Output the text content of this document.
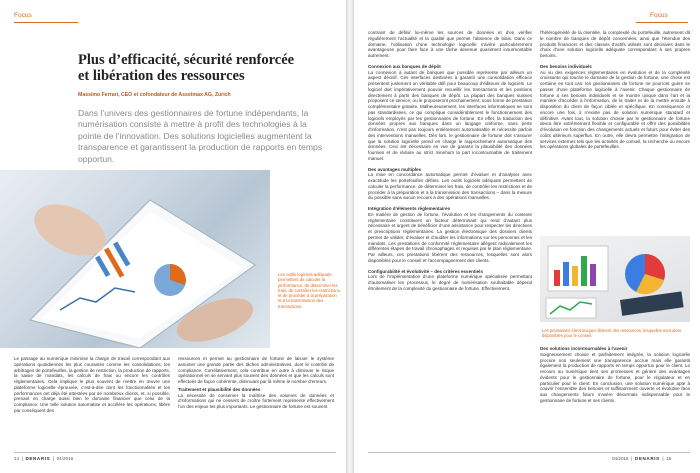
Focus
Plus d’efficacité, sécurité renforcée et libération des ressources
Massimo Ferrari, CEO et cofondateur de Assetmax AG, Zurich

Dans l’univers des gestionnaires de fortune indépendants, la numérisation consiste à mettre à profit des technologies à la pointe de l’innovation. Des solutions logicielles augmentent la transparence et garantissent la production de rapports en temps opportun.

Les outils logiciels adéquats permettent de calculer la performance, de déterminer les frais, de contrôler les restrictions et de procéder à la préparation et à la transmission des transactions.

Le passage au numérique minimise la charge de travail correspondant aux opérations quotidiennes les plus courantes comme les consolidations, les arbitrages de portefeuilles, la gestion de restriction, la production de rapports, la saisie de mandats, les calculs de frais ou encore les contrôles réglementaires. Cela implique le plus souvent de mettre en œuvre une plateforme logicielle éprouvée, c’est-à-dire dont les fonctionnalités et les performances ont déjà été attestées par de nombreux clients, et, si possible, prenant en charge aussi bien le domaine financier que celui de la compliance. Une telle solution automatise et accélère les opérations, libère par conséquent des

ressources et permet au gestionnaire de fortune de laisser le système assumer une grande partie des tâches administratives, dont le contrôle de compliance. Corrélativement, cela contribue en outre à diminuer le risque opérationnel en se servant plus souvent des données et que les calculs sont effectués de façon cohérente, diminuant par là même le nombre d’erreurs.
Traitement et plausibilité des données
La nécessité de conserver la maîtrise des volumes de données et d’informations qui ne cessent de croître fortement représente effectivement l’un des enjeux les plus importants. Le gestionnaire de fortune est souvent
14  |  DENARIS  |  04/2016
Focus
contraint de définir lui-même les sources de données et d’en vérifier régulièrement l’actualité et la qualité que permet l’absence de biais. Dans ce domaine, l’utilisation d’une technologie logicielle s’avère particulièrement avantageuse pour faire face à une tâche devenue quasiment insurmontable autrement.
Connexion aux banques de dépôt
La connexion à autant de banques que possible représente par ailleurs un aspect décisif. Ces interfaces destinées à garantir une consolidation efficace présentent justement un véritable défi pour beaucoup d’éditeurs de logiciels. Le logiciel doit impérativement pouvoir recueillir les transactions et les positions directement à partir des banques de dépôt. La plupart des banques suisses proposent ce service, ou le proposeront prochainement, sous forme de prestation complémentaire gratuite. Malheureusement, les interfaces informatiques ne sont pas standardisées, ce qui complique considérablement le fonctionnement des logiciels employés par les gestionnaires de fortune. En effet, la traduction des données propres aux banques dans un langage uniforme, sans perte d’information, n’est pas toujours entièrement automatisable et nécessite parfois des interventions manuelles. Dès lors, le gestionnaire de fortune doit s’assurer que la solution logicielle prend en charge le rapprochement automatique des données. Ceci est nécessaire en vue de garantir la plausibilité des données fournies et de réduire au strict minimum la part incontournable de traitement manuel.
Des avantages multiples
La mise en concordance automatique permet d’évaluer et d’analyser avec exactitude les portefeuilles définis. Les outils logiciels adéquats permettent de calculer la performance, de déterminer les frais, de contrôler les restrictions et de procéder à la préparation et à la transmission des transactions – dans la mesure du possible sans aucun recours à des opérations manuelles.
Intégration d’éléments réglementaires
En matière de gestion de fortune, l’évolution et les changements du contexte réglementaire constituent un facteur déterminant qui rend d’autant plus nécessaire et urgent de bénéficier d’une assistance pour respecter les directives et prescriptions réglementaires. La gestion électronique des dossiers clients permet de valider, d’évaluer et d’auditer les informations sur les personnes et les mandats. Les prestations de conformité réglementaire allègent radicalement les différentes étapes de travail chronophages et requises par le plan réglementaire. Par ailleurs, ces prestations libèrent des ressources, lesquelles sont alors disponibles pour le conseil et l’accompagnement des clients.
Configurabilité et évolutivité – des critères essentiels
Lors de l’implémentation d’une plateforme numérique spécialisée permettant d’automatiser les processus, le degré de numérisation souhaitable dépend étroitement de la complexité du gestionnaire de fortune. Effectivement,
l’hétérogénéité de la clientèle, la complexité du portefeuille, autrement dit le nombre de banques de dépôt concernées, ainsi que l’étendue des produits financiers et des classes d’actifs utilisés sont décisives dans le choix d’une solution logicielle adéquate correspondant à ses propres besoins.
Des besoins individuels
Au vu des exigences réglementaires en évolution et de la complexité croissante qui touche le domaine de la gestion de fortune, une chose est certaine en tout cas: les gestionnaires de fortune ne pourront guère se passer d’une plateforme logicielle à l’avenir. Chaque gestionnaire de fortune a ses besoins individuels et se montre unique dans l’art et la manière d’accéder à l’information, de la traiter et de la mettre ensuite à disposition du client de façon ciblée et spécifique. En conséquence et encore une fois, il n’existe pas de solution numérique standard et définitive. Avant tout, la solution choisie par le gestionnaire de fortune devra être extrêmement flexible et configurable et offrir des possibilités d’évolution en fonction des changements actuels et futurs pour éviter des coûts ultérieurs superflus. En outre, elle devra permettre l’intégration de services externes tels que les activités de conseil, la recherche ou encore les opérations globales de portefeuilles.

Les prestations électroniques libèrent des ressources, lesquelles sont alors disponibles pour le conseil.

Des solutions incontournables à l’avenir
Soigneusement choisie et parfaitement intégrée, la solution logicielle procure non seulement une transparence accrue mais elle garantit également la production de rapports en temps opportun pour le client. Le recours au numérique tient ses promesses et génère des avantages évidents pour le gestionnaire de fortune, pour le régulateur et en particulier pour le client. En conclusion, une solution numérique apte à couvrir l’ensemble des besoins et suffisamment ouverte et évolutive face aux changements futurs s’avère désormais indispensable pour le gestionnaire de fortune et ses clients.
04/2016  |  DENARIS  |  15
